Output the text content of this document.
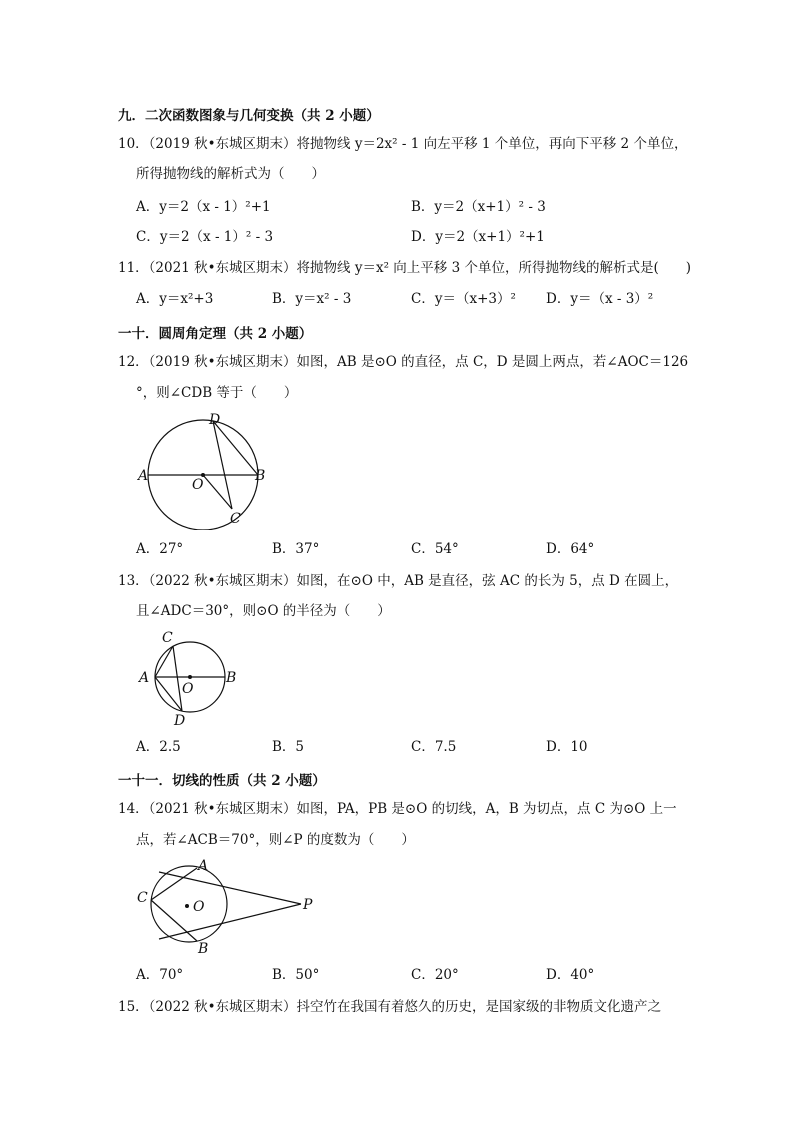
九．二次函数图象与几何变换（共 2 小题）
10．（2019 秋•东城区期末）将抛物线 y＝2x² - 1 向左平移 1 个单位，再向下平移 2 个单位，
所得抛物线的解析式为（　　）
A．y＝2（x - 1）²+1	B．y＝2（x+1）² - 3
C．y＝2（x - 1）² - 3	D．y＝2（x+1）²+1
11．（2021 秋•东城区期末）将抛物线 y＝x² 向上平移 3 个单位，所得抛物线的解析式是(　　)
A．y＝x²+3	B．y＝x² - 3	C．y＝（x+3）² D．y＝（x - 3）²
一十．圆周角定理（共 2 小题）
12．（2019 秋•东城区期末）如图，AB 是⊙O 的直径，点 C，D 是圆上两点，若∠AOC＝126
°，则∠CDB 等于（　　）
D
A	B
O
C
A．27°	B．37°	C．54°	D．64°
13．（2022 秋•东城区期末）如图，在⊙O 中，AB 是直径，弦 AC 的长为 5，点 D 在圆上，
且∠ADC＝30°，则⊙O 的半径为（　　）
C
A	B
O
D
A．2.5	B．5	C．7.5	D．10
一十一．切线的性质（共 2 小题）
14．（2021 秋•东城区期末）如图，PA，PB 是⊙O 的切线，A，B 为切点，点 C 为⊙O 上一
点，若∠ACB＝70°，则∠P 的度数为（　　）
A
C
O	P
B
A．70°	B．50°	C．20°	D．40°
15．（2022 秋•东城区期末）抖空竹在我国有着悠久的历史，是国家级的非物质文化遗产之
